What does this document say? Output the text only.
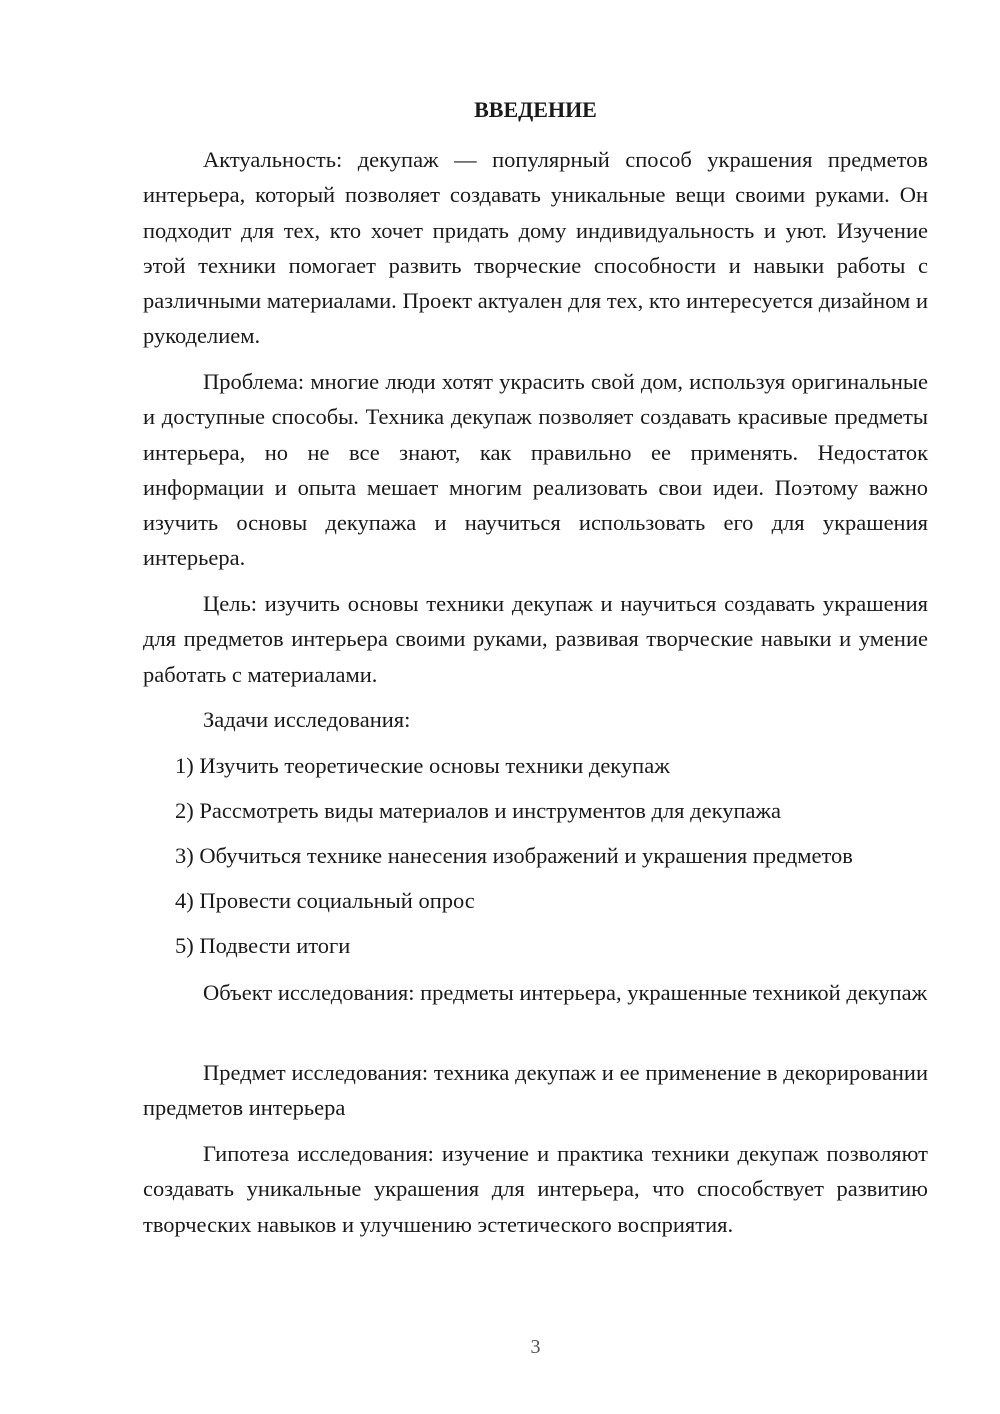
ВВЕДЕНИЕ

Актуальность: декупаж — популярный способ украшения предметов интерьера, который позволяет создавать уникальные вещи своими руками. Он подходит для тех, кто хочет придать дому индивидуальность и уют. Изучение этой техники помогает развить творческие способности и навыки работы с различными материалами. Проект актуален для тех, кто интересуется дизайном и рукоделием.

Проблема: многие люди хотят украсить свой дом, используя оригинальные и доступные способы. Техника декупаж позволяет создавать красивые предметы интерьера, но не все знают, как правильно ее применять. Недостаток информации и опыта мешает многим реализовать свои идеи. Поэтому важно изучить основы декупажа и научиться использовать его для украшения интерьера.

Цель: изучить основы техники декупаж и научиться создавать украшения для предметов интерьера своими руками, развивая творческие навыки и умение работать с материалами.

Задачи исследования:

1) Изучить теоретические основы техники декупаж

2) Рассмотреть виды материалов и инструментов для декупажа

3) Обучиться технике нанесения изображений и украшения предметов

4) Провести социальный опрос

5) Подвести итоги

Объект исследования: предметы интерьера, украшенные техникой декупаж

Предмет исследования: техника декупаж и ее применение в декорировании предметов интерьера

Гипотеза исследования: изучение и практика техники декупаж позволяют создавать уникальные украшения для интерьера, что способствует развитию творческих навыков и улучшению эстетического восприятия.

3
